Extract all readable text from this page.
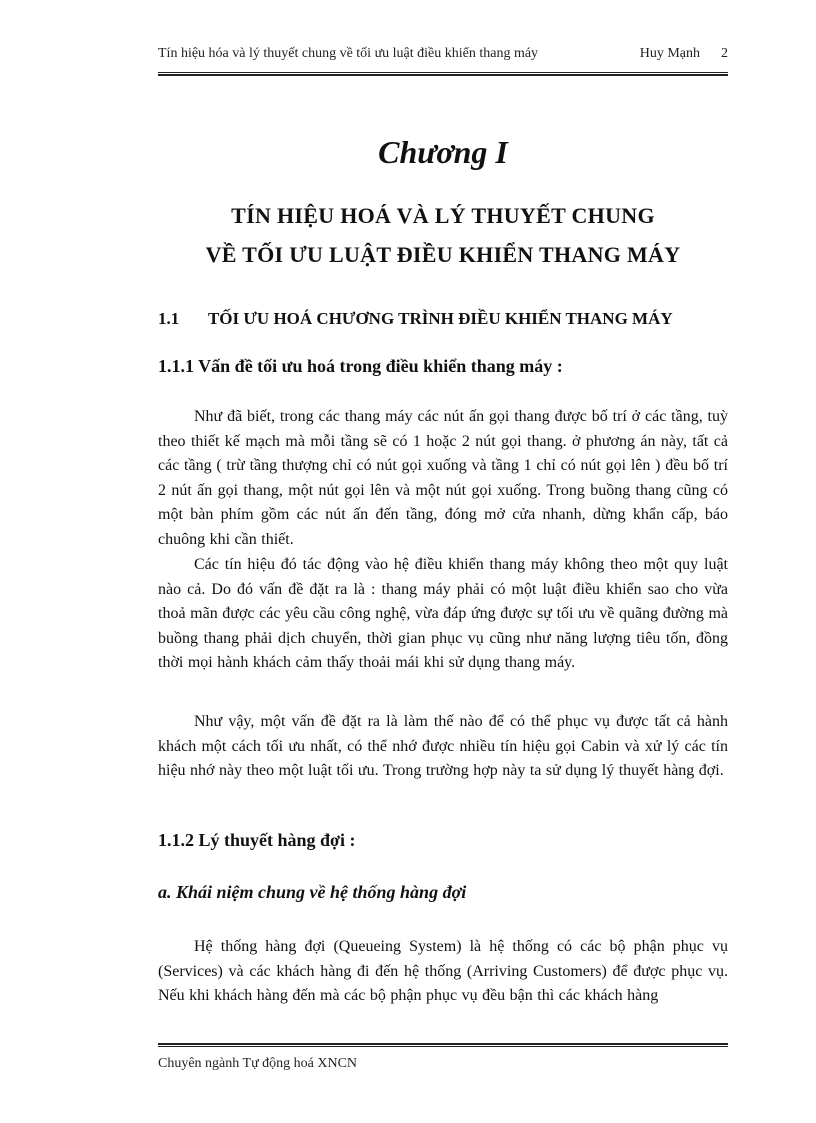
Tín hiệu hóa và lý thuyết chung về tối ưu luật điều khiển thang máy	Huy Mạnh 2
Chương I
TÍN HIỆU HOÁ VÀ LÝ THUYẾT CHUNG
VỀ TỐI ƯU LUẬT ĐIỀU KHIỂN THANG MÁY
1.1 TỐI ƯU HOÁ CHƯƠNG TRÌNH ĐIỀU KHIỂN THANG MÁY
1.1.1 Vấn đề tối ưu hoá trong điều khiển thang máy :

Như đã biết, trong các thang máy các nút ấn gọi thang được bố trí ở các tầng, tuỳ theo thiết kế mạch mà mỗi tầng sẽ có 1 hoặc 2 nút gọi thang. ở phương án này, tất cả các tầng ( trừ tầng thượng chỉ có nút gọi xuống và tầng 1 chỉ có nút gọi lên ) đều bố trí 2 nút ấn gọi thang, một nút gọi lên và một nút gọi xuống. Trong buồng thang cũng có một bàn phím gồm các nút ấn đến tầng, đóng mở cửa nhanh, dừng khẩn cấp, báo chuông khi cần thiết.

Các tín hiệu đó tác động vào hệ điều khiển thang máy không theo một quy luật nào cả. Do đó vấn đề đặt ra là : thang máy phải có một luật điều khiển sao cho vừa thoả mãn được các yêu cầu công nghệ, vừa đáp ứng được sự tối ưu về quãng đường mà buồng thang phải dịch chuyển, thời gian phục vụ cũng như năng lượng tiêu tốn, đồng thời mọi hành khách cảm thấy thoải mái khi sử dụng thang máy.

Như vậy, một vấn đề đặt ra là làm thế nào để có thể phục vụ được tất cả hành khách một cách tối ưu nhất, có thể nhớ được nhiều tín hiệu gọi Cabin và xử lý các tín hiệu nhớ này theo một luật tối ưu. Trong trường hợp này ta sử dụng lý thuyết hàng đợi.

1.1.2 Lý thuyết hàng đợi :
a. Khái niệm chung về hệ thống hàng đợi

Hệ thống hàng đợi (Queueing System) là hệ thống có các bộ phận phục vụ (Services) và các khách hàng đi đến hệ thống (Arriving Customers) để được phục vụ. Nếu khi khách hàng đến mà các bộ phận phục vụ đều bận thì các khách hàng

Chuyên ngành Tự động hoá XNCN
